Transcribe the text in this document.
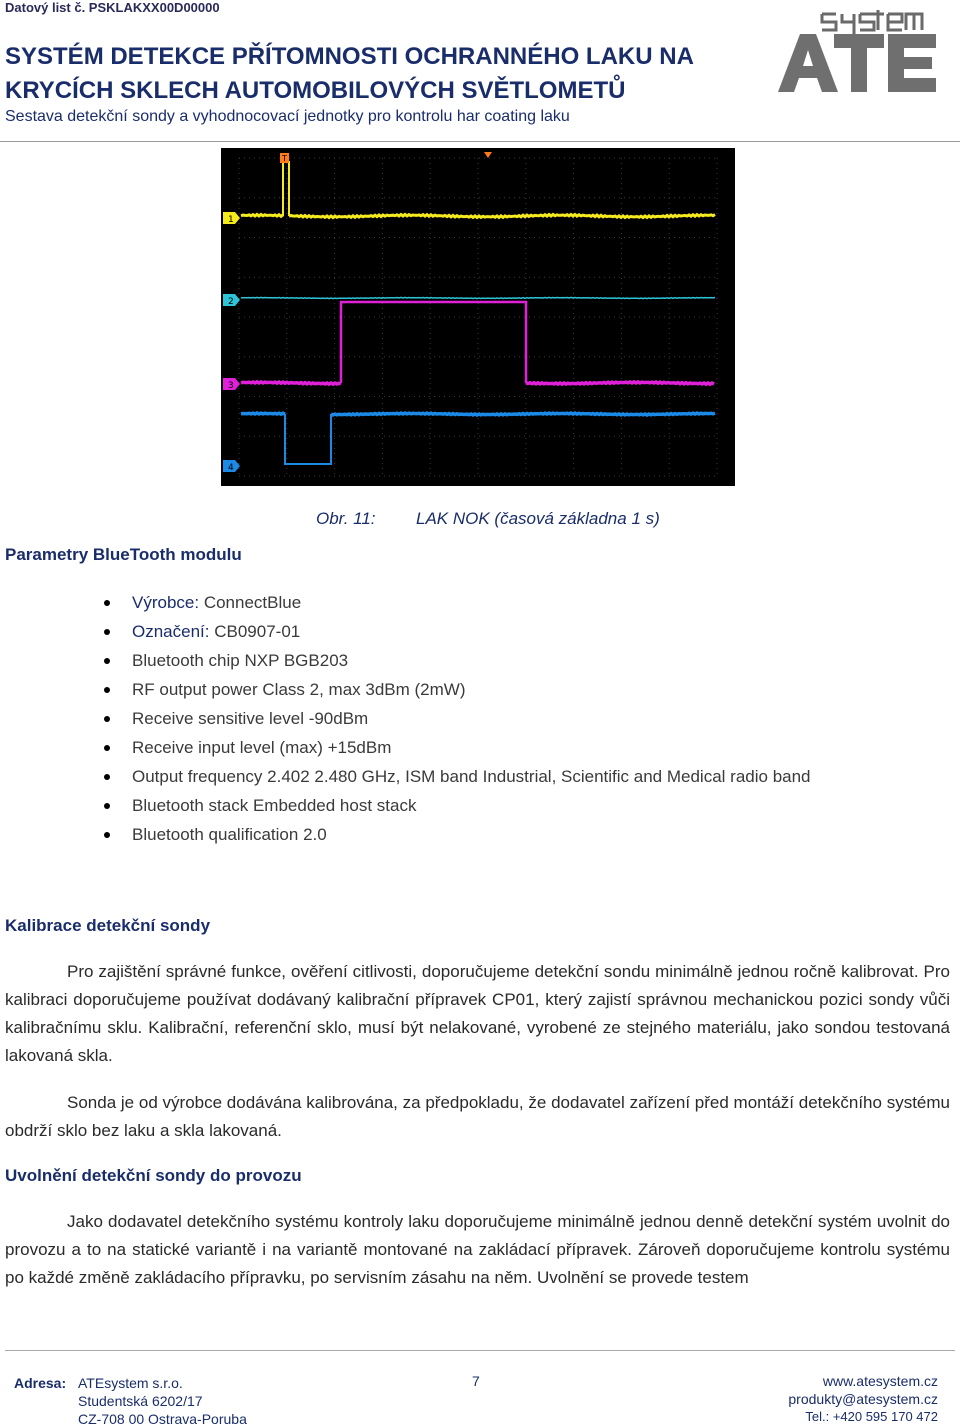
Datový list č. PSKLAKXX00D00000
SYSTÉM DETEKCE PŘÍTOMNOSTI OCHRANNÉHO LAKU NA
KRYCÍCH SKLECH AUTOMOBILOVÝCH SVĚTLOMETŮ
Sestava detekční sondy a vyhodnocovací jednotky pro kontrolu har coating laku
1
2
3
4
T
Obr. 11: LAK NOK (časová základna 1 s)
Parametry BlueTooth modulu
Výrobce: ConnectBlue
Označení: CB0907-01
Bluetooth chip NXP BGB203
RF output power Class 2, max 3dBm (2mW)
Receive sensitive level -90dBm
Receive input level (max) +15dBm
Output frequency 2.402 2.480 GHz, ISM band Industrial, Scientific and Medical radio band
Bluetooth stack Embedded host stack
Bluetooth qualification 2.0
Kalibrace detekční sondy
Pro zajištění správné funkce, ověření citlivosti, doporučujeme detekční sondu minimálně jednou ročně kalibrovat. Pro kalibraci doporučujeme používat dodávaný kalibrační přípravek CP01, který zajistí správnou mechanickou pozici sondy vůči kalibračnímu sklu. Kalibrační, referenční sklo, musí být nelakované, vyrobené ze stejného materiálu, jako sondou testovaná lakovaná skla.
Sonda je od výrobce dodávána kalibrována, za předpokladu, že dodavatel zařízení před montáží detekčního systému obdrží sklo bez laku a skla lakovaná.
Uvolnění detekční sondy do provozu
Jako dodavatel detekčního systému kontroly laku doporučujeme minimálně jednou denně detekční systém uvolnit do provozu a to na statické variantě i na variantě montované na zakládací přípravek. Zároveň doporučujeme kontrolu systému po každé změně zakládacího přípravku, po servisním zásahu na něm. Uvolnění se provede testem
Adresa: ATEsystem s.r.o.
Studentská 6202/17
CZ-708 00 Ostrava-Poruba
7	www.atesystem.cz
produkty@atesystem.cz
Tel.: +420 595 170 472
